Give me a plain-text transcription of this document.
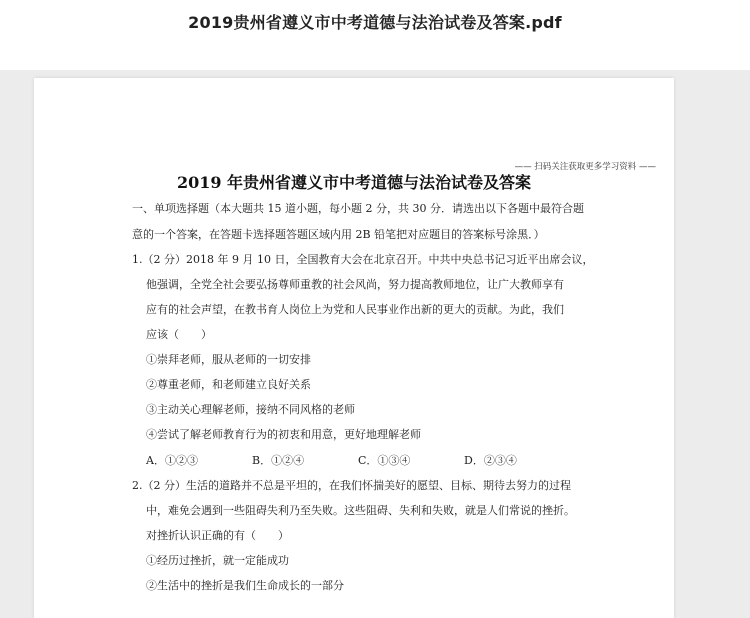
2019贵州省遵义市中考道德与法治试卷及答案.pdf
—— 扫码关注获取更多学习资料 ——
2019 年贵州省遵义市中考道德与法治试卷及答案
一、单项选择题（本大题共 15 道小题，每小题 2 分，共 30 分．请选出以下各题中最符合题
意的一个答案，在答题卡选择题答题区域内用 2B 铅笔把对应题目的答案标号涂黑．）
1.（2 分）2018 年 9 月 10 日，全国教育大会在北京召开。中共中央总书记习近平出席会议，
他强调，全党全社会要弘扬尊师重教的社会风尚，努力提高教师地位，让广大教师享有
应有的社会声望，在教书育人岗位上为党和人民事业作出新的更大的贡献。为此，我们
应该（　　）
①崇拜老师，服从老师的一切安排
②尊重老师，和老师建立良好关系
③主动关心理解老师，接纳不同风格的老师
④尝试了解老师教育行为的初衷和用意，更好地理解老师
A．①②③	B．①②④	C．①③④	D．②③④
2.（2 分）生活的道路并不总是平坦的，在我们怀揣美好的愿望、目标、期待去努力的过程
中，难免会遇到一些阻碍失利乃至失败。这些阻碍、失利和失败，就是人们常说的挫折。
对挫折认识正确的有（　　）
①经历过挫折，就一定能成功
②生活中的挫折是我们生命成长的一部分
